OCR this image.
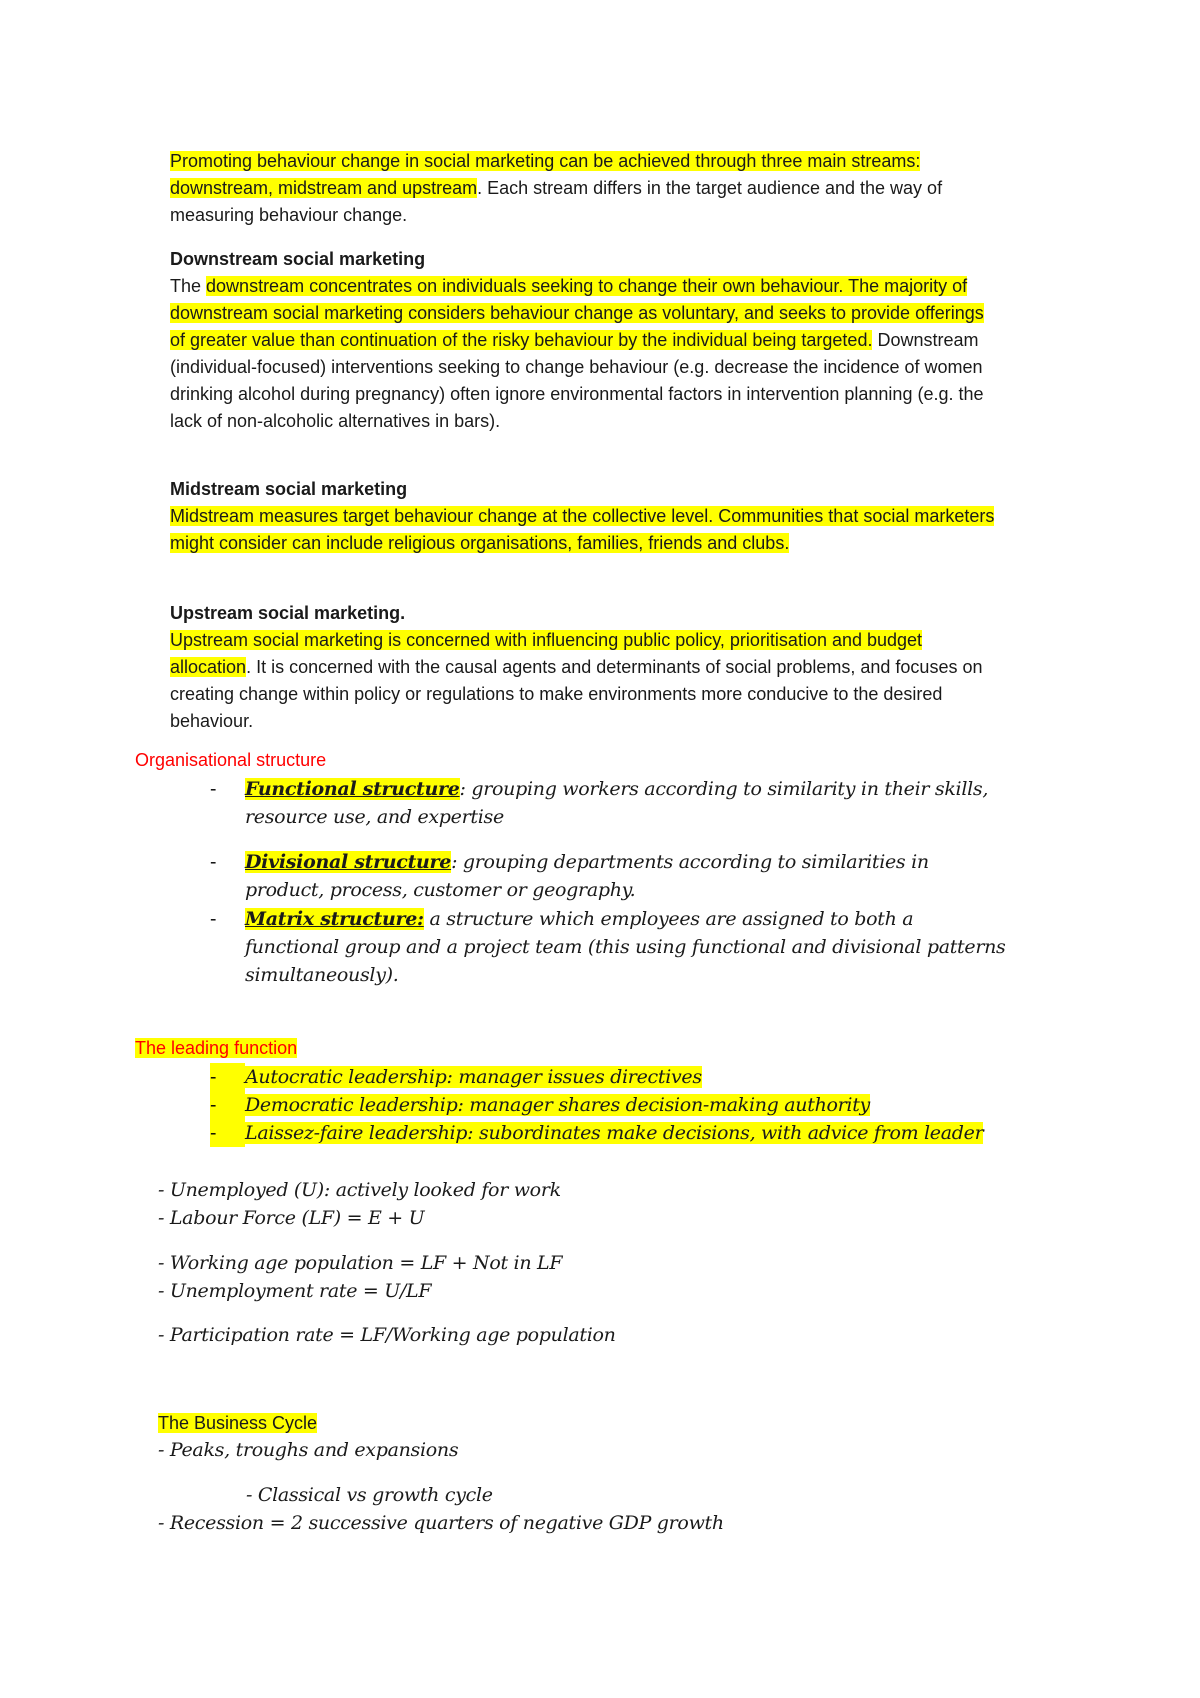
Promoting behaviour change in social marketing can be achieved through three main streams: downstream, midstream and upstream. Each stream differs in the target audience and the way of measuring behaviour change.

Downstream social marketing
The downstream concentrates on individuals seeking to change their own behaviour. The majority of downstream social marketing considers behaviour change as voluntary, and seeks to provide offerings of greater value than continuation of the risky behaviour by the individual being targeted. Downstream (individual-focused) interventions seeking to change behaviour (e.g. decrease the incidence of women drinking alcohol during pregnancy) often ignore environmental factors in intervention planning (e.g. the lack of non-alcoholic alternatives in bars).

Midstream social marketing
Midstream measures target behaviour change at the collective level. Communities that social marketers might consider can include religious organisations, families, friends and clubs.

Upstream social marketing.
Upstream social marketing is concerned with influencing public policy, prioritisation and budget allocation. It is concerned with the causal agents and determinants of social problems, and focuses on creating change within policy or regulations to make environments more conducive to the desired behaviour.

Organisational structure

-	Functional structure: grouping workers according to similarity in their skills, resource use, and expertise
-	Divisional structure: grouping departments according to similarities in product, process, customer or geography.
-	Matrix structure: a structure which employees are assigned to both a functional group and a project team (this using functional and divisional patterns simultaneously).

The leading function

-	Autocratic leadership: manager issues directives
-	Democratic leadership: manager shares decision-making authority
-	Laissez-faire leadership: subordinates make decisions, with advice from leader
- Unemployed (U): actively looked for work
- Labour Force (LF) = E + U
- Working age population = LF + Not in LF
- Unemployment rate = U/LF
- Participation rate = LF/Working age population

The Business Cycle

- Peaks, troughs and expansions
- Classical vs growth cycle
- Recession = 2 successive quarters of negative GDP growth
